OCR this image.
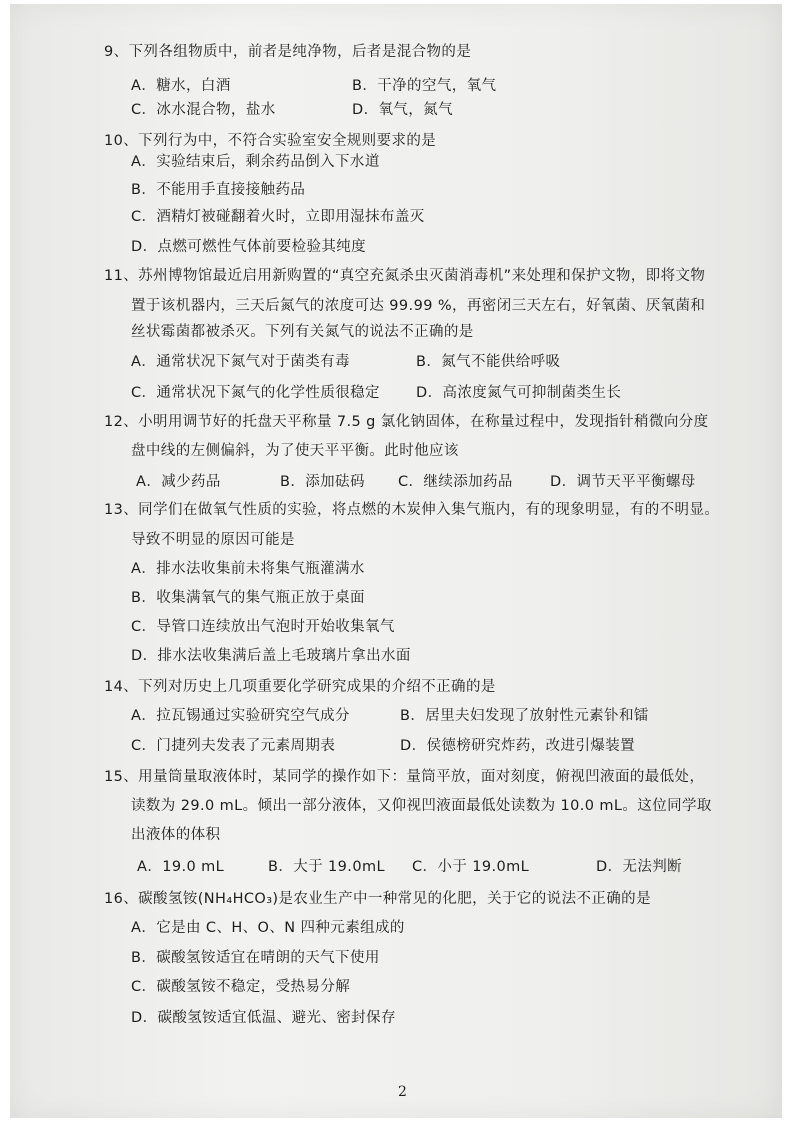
9、下列各组物质中，前者是纯净物，后者是混合物的是
A．糖水，白酒	B．干净的空气，氧气
C．冰水混合物，盐水	D．氧气，氮气
10、下列行为中，不符合实验室安全规则要求的是
A．实验结束后，剩余药品倒入下水道
B．不能用手直接接触药品
C．酒精灯被碰翻着火时，立即用湿抹布盖灭
D．点燃可燃性气体前要检验其纯度
11、苏州博物馆最近启用新购置的“真空充氮杀虫灭菌消毒机”来处理和保护文物，即将文物
置于该机器内，三天后氮气的浓度可达 99.99 %，再密闭三天左右，好氧菌、厌氧菌和
丝状霉菌都被杀灭。下列有关氮气的说法不正确的是
A．通常状况下氮气对于菌类有毒	B．氮气不能供给呼吸
C．通常状况下氮气的化学性质很稳定 D．高浓度氮气可抑制菌类生长
12、小明用调节好的托盘天平称量 7.5 g 氯化钠固体，在称量过程中，发现指针稍微向分度
盘中线的左侧偏斜，为了使天平平衡。此时他应该
A．减少药品	B．添加砝码 C．继续添加药品	D．调节天平平衡螺母
13、同学们在做氧气性质的实验，将点燃的木炭伸入集气瓶内，有的现象明显，有的不明显。
导致不明显的原因可能是
A．排水法收集前未将集气瓶灌满水
B．收集满氧气的集气瓶正放于桌面
C．导管口连续放出气泡时开始收集氧气
D．排水法收集满后盖上毛玻璃片拿出水面
14、下列对历史上几项重要化学研究成果的介绍不正确的是
A．拉瓦锡通过实验研究空气成分	B．居里夫妇发现了放射性元素钋和镭
C．门捷列夫发表了元素周期表	D．侯德榜研究炸药，改进引爆装置
15、用量筒量取液体时，某同学的操作如下：量筒平放，面对刻度，俯视凹液面的最低处，
读数为 29.0 mL。倾出一部分液体，又仰视凹液面最低处读数为 10.0 mL。这位同学取
出液体的体积
A．19.0 mL	B．大于 19.0mL C．小于 19.0mL	D．无法判断
16、碳酸氢铵(NH₄HCO₃)是农业生产中一种常见的化肥，关于它的说法不正确的是
A．它是由 C、H、O、N 四种元素组成的
B．碳酸氢铵适宜在晴朗的天气下使用
C．碳酸氢铵不稳定，受热易分解
D．碳酸氢铵适宜低温、避光、密封保存
2
